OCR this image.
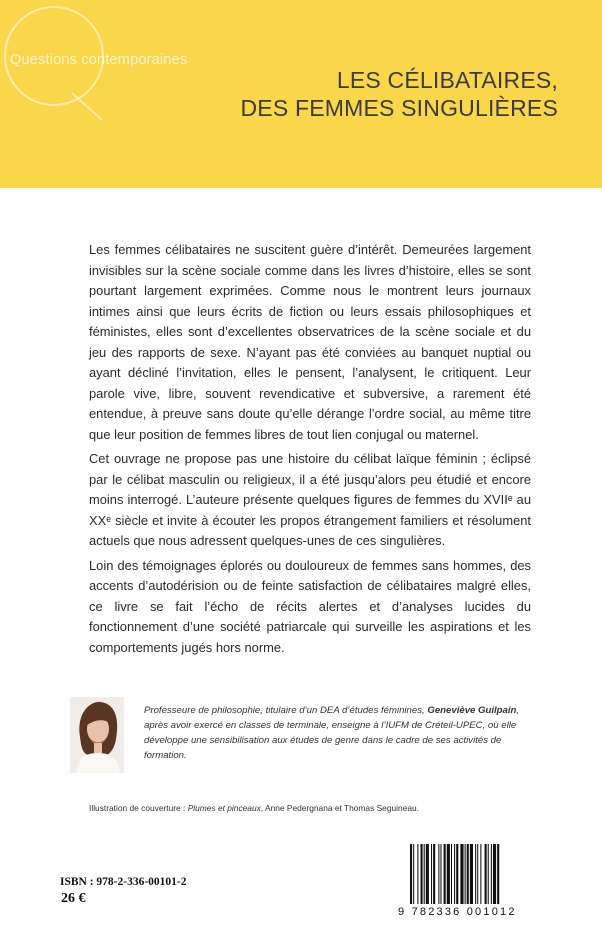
Questions contemporaines
LES CÉLIBATAIRES,
DES FEMMES SINGULIÈRES

Les femmes célibataires ne suscitent guère d’intérêt. Demeurées largement invisibles sur la scène sociale comme dans les livres d’histoire, elles se sont pourtant largement exprimées. Comme nous le montrent leurs journaux intimes ainsi que leurs écrits de fiction ou leurs essais philosophiques et féministes, elles sont d’excellentes observatrices de la scène sociale et du jeu des rapports de sexe. N’ayant pas été conviées au banquet nuptial ou ayant décliné l’invitation, elles le pensent, l’analysent, le critiquent. Leur parole vive, libre, souvent revendicative et subversive, a rarement été entendue, à preuve sans doute qu’elle dérange l’ordre social, au même titre que leur position de femmes libres de tout lien conjugal ou maternel.

Cet ouvrage ne propose pas une histoire du célibat laïque féminin ; éclipsé par le célibat masculin ou religieux, il a été jusqu’alors peu étudié et encore moins interrogé. L’auteure présente quelques figures de femmes du XVIIᵉ au XXᵉ siècle et invite à écouter les propos étrangement familiers et résolument actuels que nous adressent quelques-unes de ces singulières.

Loin des témoignages éplorés ou douloureux de femmes sans hommes, des accents d’autodérision ou de feinte satisfaction de célibataires malgré elles, ce livre se fait l’écho de récits alertes et d’analyses lucides du fonctionnement d’une société patriarcale qui surveille les aspirations et les comportements jugés hors norme.

Professeure de philosophie, titulaire d’un DEA d’études féminines, Geneviève Guilpain, après avoir exercé en classes de terminale, enseigne à l’IUFM de Créteil-UPEC, où elle développe une sensibilisation aux études de genre dans le cadre de ses activités de formation.
Illustration de couverture : Plumes et pinceaux, Anne Pedergnana et Thomas Seguineau.
ISBN : 978-2-336-00101-2
26 €
9 782336 001012
